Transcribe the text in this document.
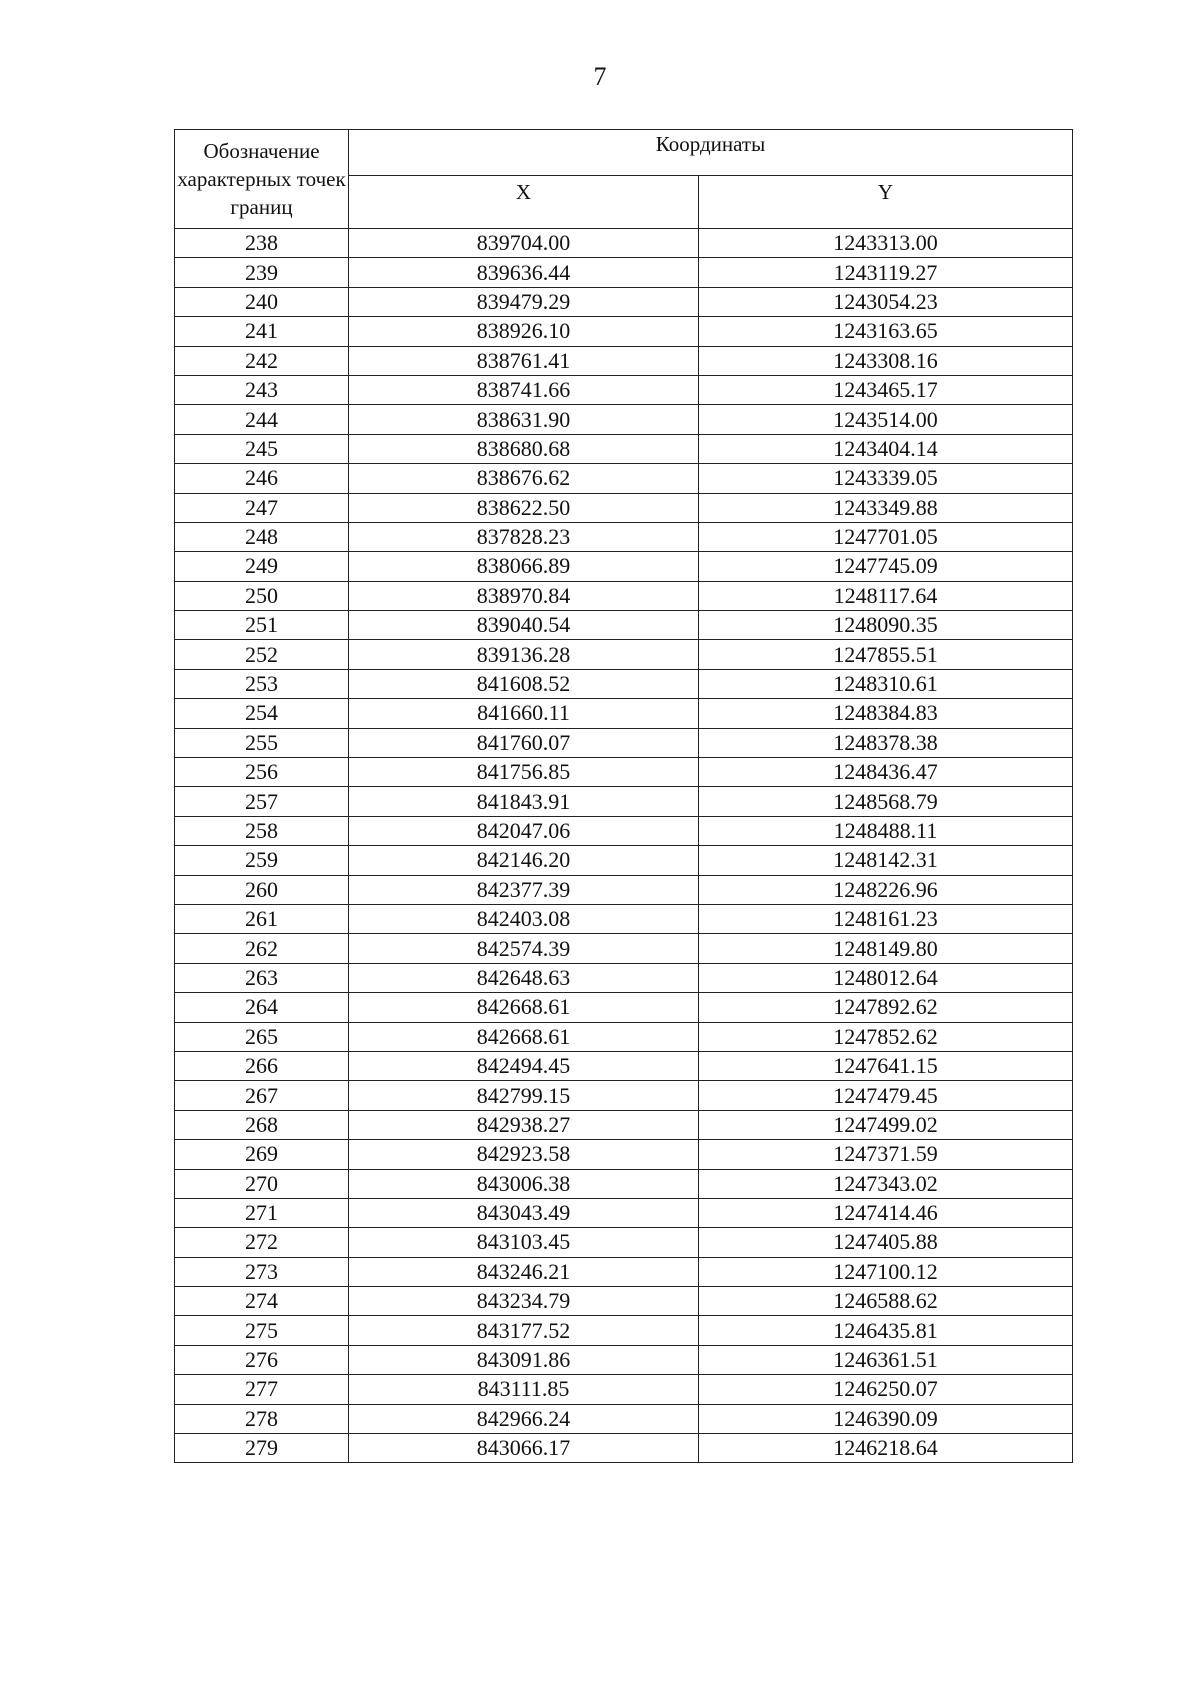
7
Обозначение характерных точек границ	Координаты	
	X	Y
238	839704.00	1243313.00
239	839636.44	1243119.27
240	839479.29	1243054.23
241	838926.10	1243163.65
242	838761.41	1243308.16
243	838741.66	1243465.17
244	838631.90	1243514.00
245	838680.68	1243404.14
246	838676.62	1243339.05
247	838622.50	1243349.88
248	837828.23	1247701.05
249	838066.89	1247745.09
250	838970.84	1248117.64
251	839040.54	1248090.35
252	839136.28	1247855.51
253	841608.52	1248310.61
254	841660.11	1248384.83
255	841760.07	1248378.38
256	841756.85	1248436.47
257	841843.91	1248568.79
258	842047.06	1248488.11
259	842146.20	1248142.31
260	842377.39	1248226.96
261	842403.08	1248161.23
262	842574.39	1248149.80
263	842648.63	1248012.64
264	842668.61	1247892.62
265	842668.61	1247852.62
266	842494.45	1247641.15
267	842799.15	1247479.45
268	842938.27	1247499.02
269	842923.58	1247371.59
270	843006.38	1247343.02
271	843043.49	1247414.46
272	843103.45	1247405.88
273	843246.21	1247100.12
274	843234.79	1246588.62
275	843177.52	1246435.81
276	843091.86	1246361.51
277	843111.85	1246250.07
278	842966.24	1246390.09
279	843066.17	1246218.64
